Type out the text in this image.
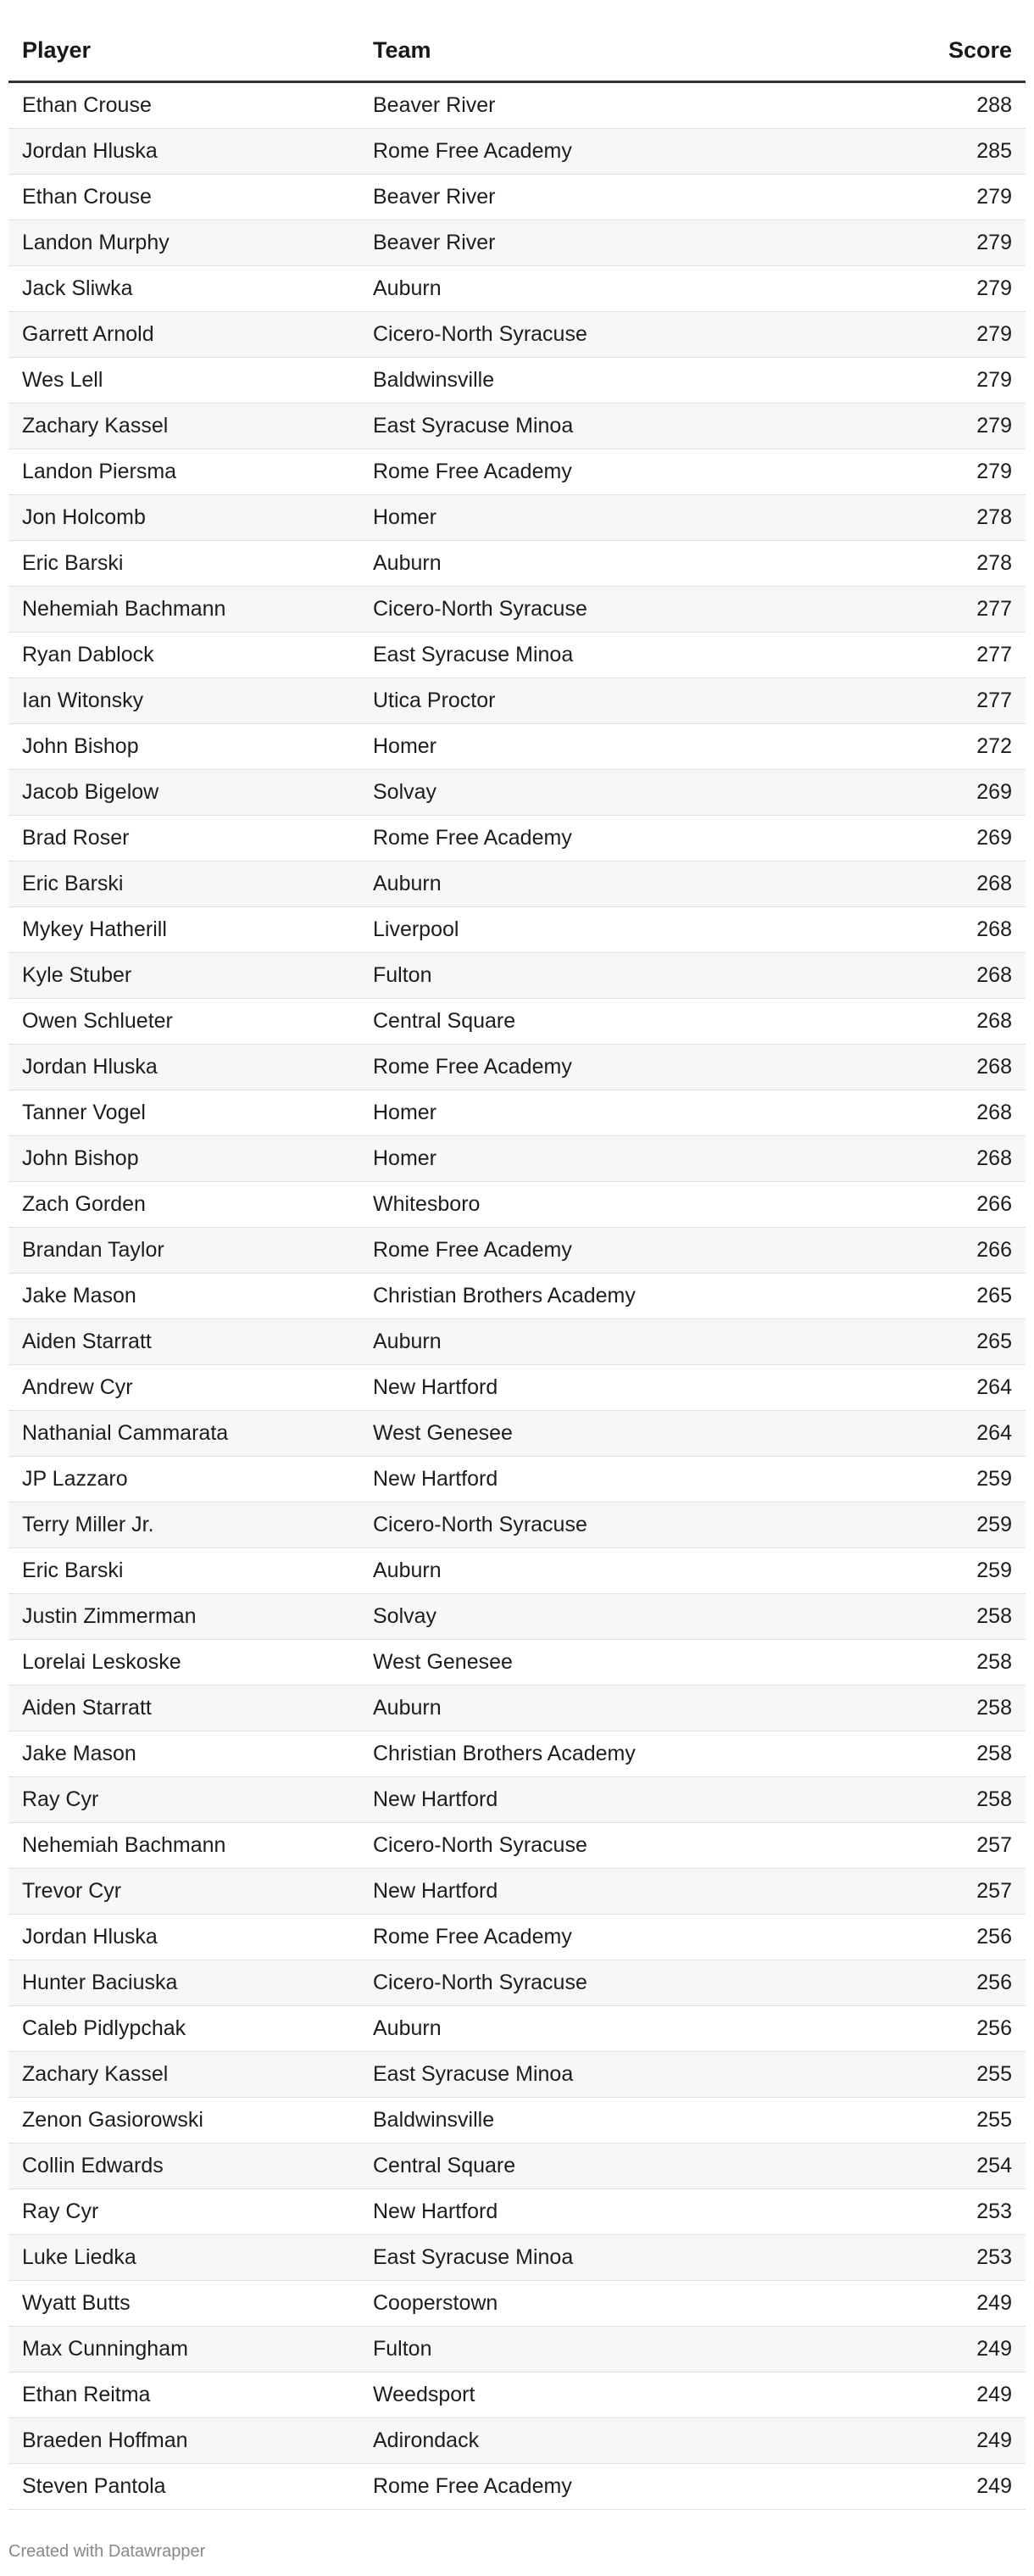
Player	Team	Score
Ethan Crouse	Beaver River	288
Jordan Hluska	Rome Free Academy	285
Ethan Crouse	Beaver River	279
Landon Murphy	Beaver River	279
Jack Sliwka	Auburn	279
Garrett Arnold	Cicero-North Syracuse	279
Wes Lell	Baldwinsville	279
Zachary Kassel	East Syracuse Minoa	279
Landon Piersma	Rome Free Academy	279
Jon Holcomb	Homer	278
Eric Barski	Auburn	278
Nehemiah Bachmann	Cicero-North Syracuse	277
Ryan Dablock	East Syracuse Minoa	277
Ian Witonsky	Utica Proctor	277
John Bishop	Homer	272
Jacob Bigelow	Solvay	269
Brad Roser	Rome Free Academy	269
Eric Barski	Auburn	268
Mykey Hatherill	Liverpool	268
Kyle Stuber	Fulton	268
Owen Schlueter	Central Square	268
Jordan Hluska	Rome Free Academy	268
Tanner Vogel	Homer	268
John Bishop	Homer	268
Zach Gorden	Whitesboro	266
Brandan Taylor	Rome Free Academy	266
Jake Mason	Christian Brothers Academy	265
Aiden Starratt	Auburn	265
Andrew Cyr	New Hartford	264
Nathanial Cammarata	West Genesee	264
JP Lazzaro	New Hartford	259
Terry Miller Jr.	Cicero-North Syracuse	259
Eric Barski	Auburn	259
Justin Zimmerman	Solvay	258
Lorelai Leskoske	West Genesee	258
Aiden Starratt	Auburn	258
Jake Mason	Christian Brothers Academy	258
Ray Cyr	New Hartford	258
Nehemiah Bachmann	Cicero-North Syracuse	257
Trevor Cyr	New Hartford	257
Jordan Hluska	Rome Free Academy	256
Hunter Baciuska	Cicero-North Syracuse	256
Caleb Pidlypchak	Auburn	256
Zachary Kassel	East Syracuse Minoa	255
Zenon Gasiorowski	Baldwinsville	255
Collin Edwards	Central Square	254
Ray Cyr	New Hartford	253
Luke Liedka	East Syracuse Minoa	253
Wyatt Butts	Cooperstown	249
Max Cunningham	Fulton	249
Ethan Reitma	Weedsport	249
Braeden Hoffman	Adirondack	249
Steven Pantola	Rome Free Academy	249
Created with Datawrapper
